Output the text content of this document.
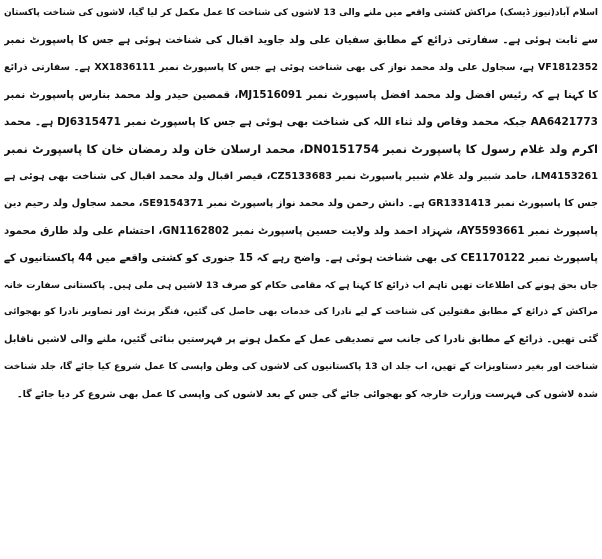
اسلام آباد(نیوز ڈیسک) مراکش کشتی واقعے میں ملنے والی 13 لاشوں کی شناخت کا عمل مکمل کر لیا گیا، لاشوں کی شناخت پاکستان
سے ثابت ہوئی ہے۔ سفارتی ذرائع کے مطابق سفیان علی ولد جاوید اقبال کی شناخت ہوئی ہے جس کا پاسپورٹ نمبر
VF1812352 ہے، سجاول علی ولد محمد نواز کی بھی شناخت ہوئی ہے جس کا پاسپورٹ نمبر XX1836111 ہے۔ سفارتی ذرائع
کا کہنا ہے کہ رئیس افضل ولد محمد افضل پاسپورٹ نمبر MJ1516091، قمصین حیدر ولد محمد بنارس پاسپورٹ نمبر
AA6421773 جبکہ محمد وقاص ولد ثناء اللہ کی شناخت بھی ہوئی ہے جس کا پاسپورٹ نمبر DJ6315471 ہے۔ محمد
اکرم ولد غلام رسول کا پاسپورٹ نمبر DN0151754، محمد ارسلان خان ولد رمضان خان کا پاسپورٹ نمبر
LM4153261، حامد شبیر ولد غلام شبیر پاسپورٹ نمبر CZ5133683، قیصر اقبال ولد محمد اقبال کی شناخت بھی ہوئی ہے
جس کا پاسپورٹ نمبر GR1331413 ہے۔ دانش رحمن ولد محمد نواز پاسپورٹ نمبر SE9154371، محمد سجاول ولد رحیم دین
پاسپورٹ نمبر AY5593661، شہزاد احمد ولد ولایت حسین پاسپورٹ نمبر GN1162802، احتشام علی ولد طارق محمود
پاسپورٹ نمبر CE1170122 کی بھی شناخت ہوئی ہے۔ واضح رہے کہ 15 جنوری کو کشتی واقعے میں 44 پاکستانیوں کے
جاں بحق ہونے کی اطلاعات تھیں تاہم اب ذرائع کا کہنا ہے کہ مقامی حکام کو صرف 13 لاشیں ہی ملی ہیں۔ پاکستانی سفارت خانہ
مراکش کے ذرائع کے مطابق مقتولین کی شناخت کے لیے نادرا کی خدمات بھی حاصل کی گئیں، فنگر پرنٹ اور تصاویر نادرا کو بھجوائی
گئی تھیں۔ ذرائع کے مطابق نادرا کی جانب سے تصدیقی عمل کے مکمل ہونے پر فہرستیں بنائی گئیں، ملنے والی لاشیں ناقابل
شناخت اور بغیر دستاویزات کے تھیں، اب جلد ان 13 پاکستانیوں کی لاشوں کی وطن واپسی کا عمل شروع کیا جائے گا، جلد شناخت
شدہ لاشوں کی فہرست وزارت خارجہ کو بھجوائی جائے گی جس کے بعد لاشوں کی واپسی کا عمل بھی شروع کر دیا جائے گا۔
